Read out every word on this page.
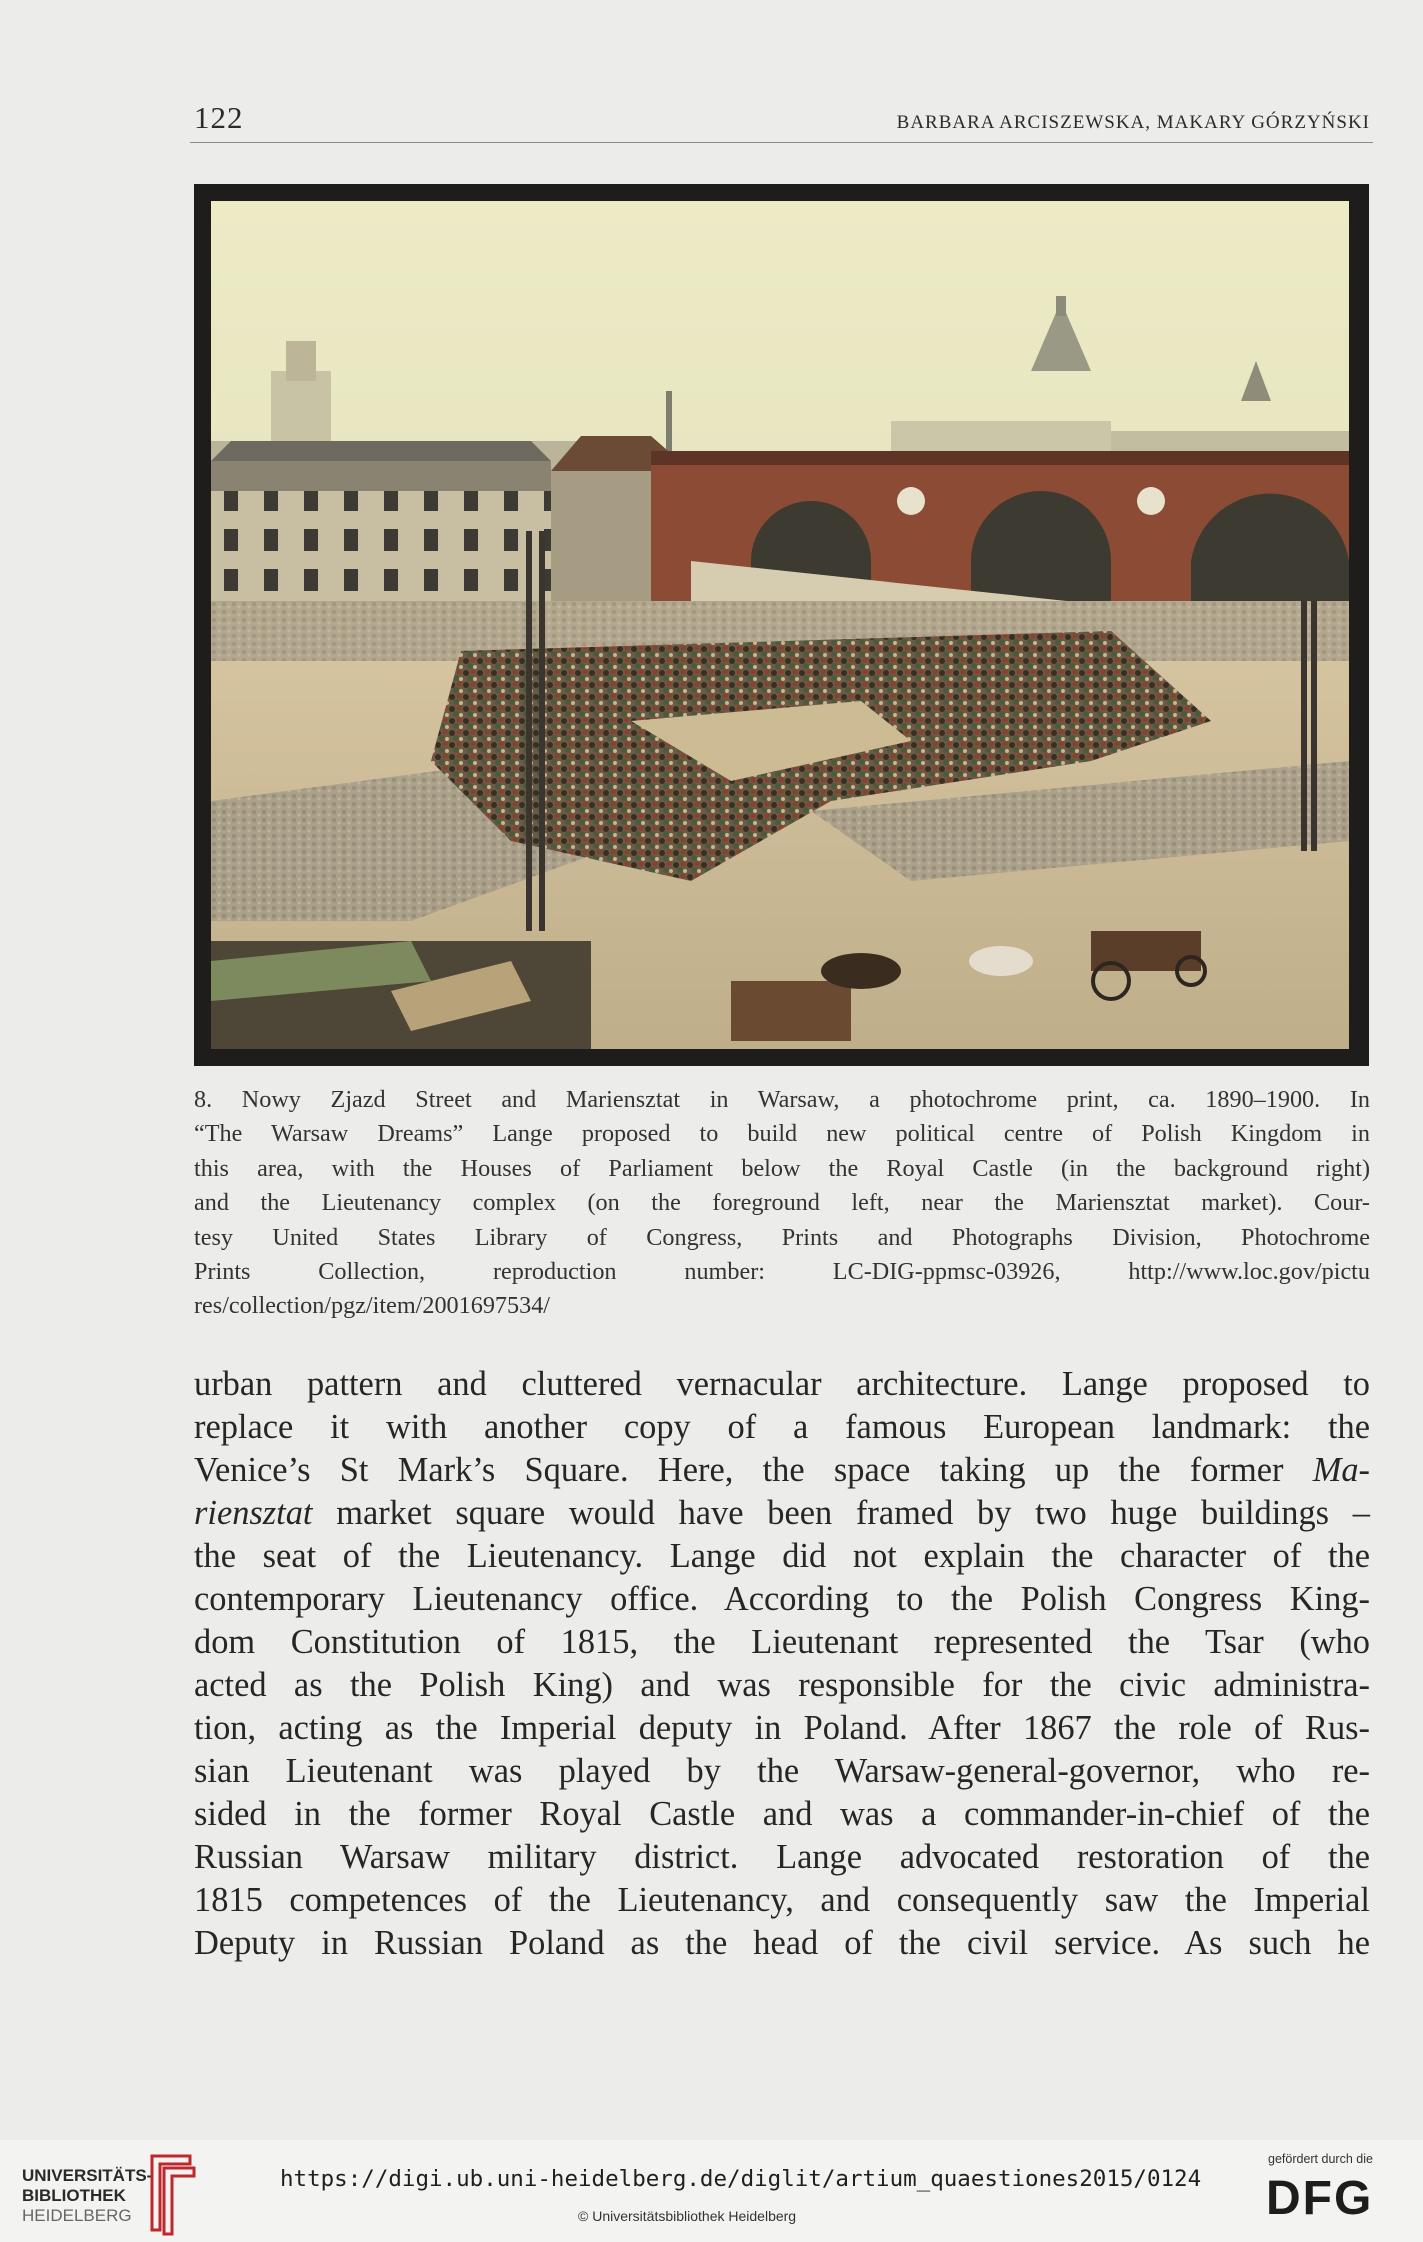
122	BARBARA ARCISZEWSKA, MAKARY GÓRZYŃSKI
8. Nowy Zjazd Street and Mariensztat in Warsaw, a photochrome print, ca. 1890–1900. In
“The Warsaw Dreams” Lange proposed to build new political centre of Polish Kingdom in
this area, with the Houses of Parliament below the Royal Castle (in the background right)
and the Lieutenancy complex (on the foreground left, near the Mariensztat market). Cour-
tesy United States Library of Congress, Prints and Photographs Division, Photochrome
Prints Collection, reproduction number: LC-DIG-ppmsc-03926, http://www.loc.gov/pictu
res/collection/pgz/item/2001697534/
urban pattern and cluttered vernacular architecture. Lange proposed to
replace it with another copy of a famous European landmark: the
Venice’s St Mark’s Square. Here, the space taking up the former Ma-
riensztat market square would have been framed by two huge buildings –
the seat of the Lieutenancy. Lange did not explain the character of the
contemporary Lieutenancy office. According to the Polish Congress King-
dom Constitution of 1815, the Lieutenant represented the Tsar (who
acted as the Polish King) and was responsible for the civic administra-
tion, acting as the Imperial deputy in Poland. After 1867 the role of Rus-
sian Lieutenant was played by the Warsaw-general-governor, who re-
sided in the former Royal Castle and was a commander-in-chief of the
Russian Warsaw military district. Lange advocated restoration of the
1815 competences of the Lieutenancy, and consequently saw the Imperial
Deputy in Russian Poland as the head of the civil service. As such he
UNIVERSITÄTS-
BIBLIOTHEK
HEIDELBERG
https://digi.ub.uni-heidelberg.de/diglit/artium_quaestiones2015/0124
© Universitätsbibliothek Heidelberg
gefördert durch die
DFG
